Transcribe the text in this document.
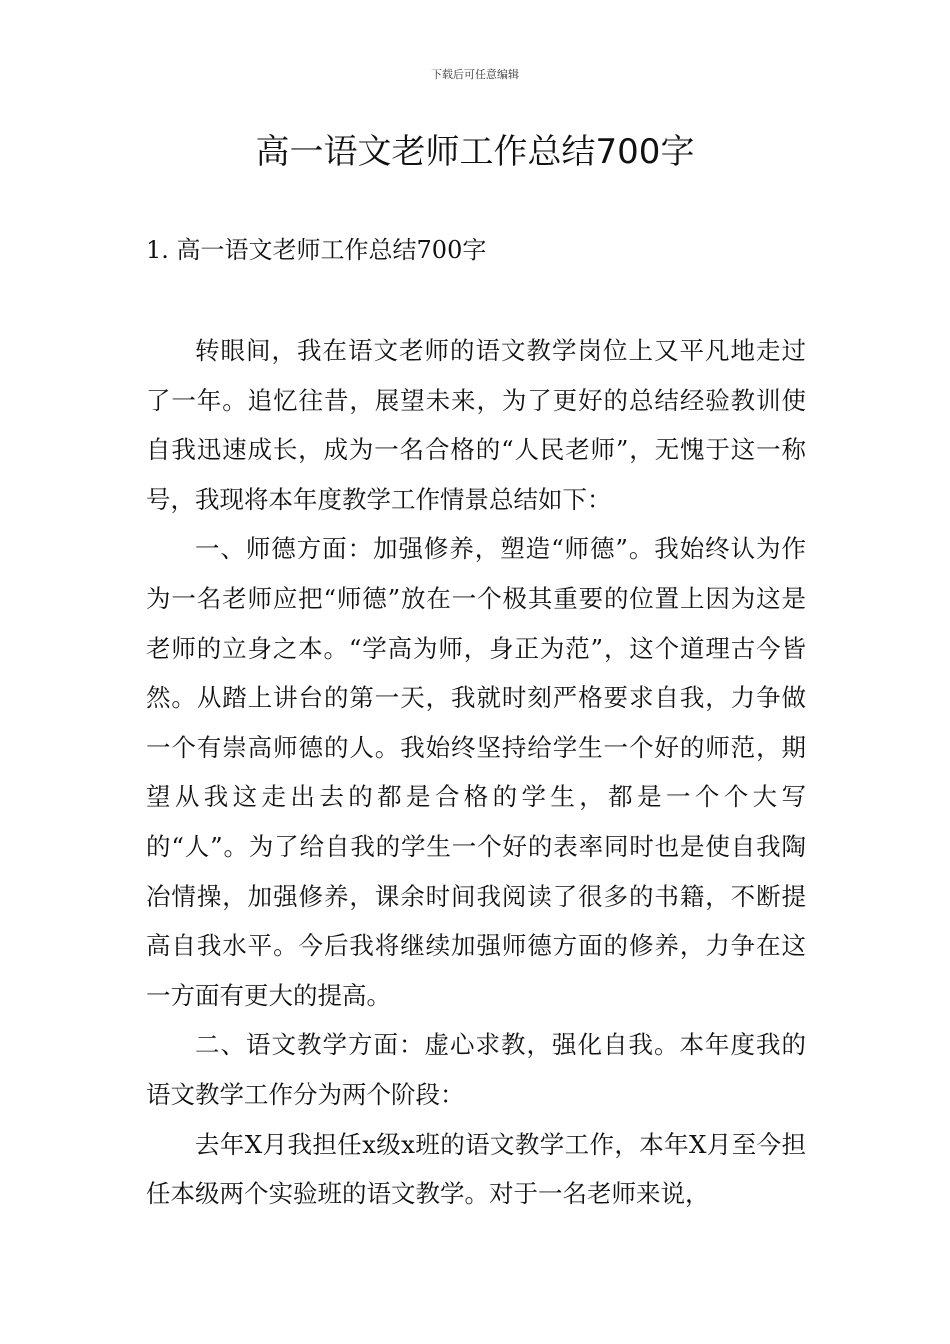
下载后可任意编辑
高一语文老师工作总结700字
1. 高一语文老师工作总结700字

转眼间，我在语文老师的语文教学岗位上又平凡地走过了一年。追忆往昔，展望未来，为了更好的总结经验教训使自我迅速成长，成为一名合格的“人民老师”，无愧于这一称号，我现将本年度教学工作情景总结如下：

一、师德方面：加强修养，塑造“师德”。我始终认为作为一名老师应把“师德”放在一个极其重要的位置上因为这是老师的立身之本。“学高为师，身正为范”，这个道理古今皆然。从踏上讲台的第一天，我就时刻严格要求自我，力争做一个有崇高师德的人。我始终坚持给学生一个好的师范，期望从我这走出去的都是合格的学生，都是一个个大写的“人”。为了给自我的学生一个好的表率同时也是使自我陶冶情操，加强修养，课余时间我阅读了很多的书籍，不断提高自我水平。今后我将继续加强师德方面的修养，力争在这一方面有更大的提高。

二、语文教学方面：虚心求教，强化自我。本年度我的语文教学工作分为两个阶段：

去年X月我担任x级x班的语文教学工作，本年X月至今担任本级两个实验班的语文教学。对于一名老师来说，
